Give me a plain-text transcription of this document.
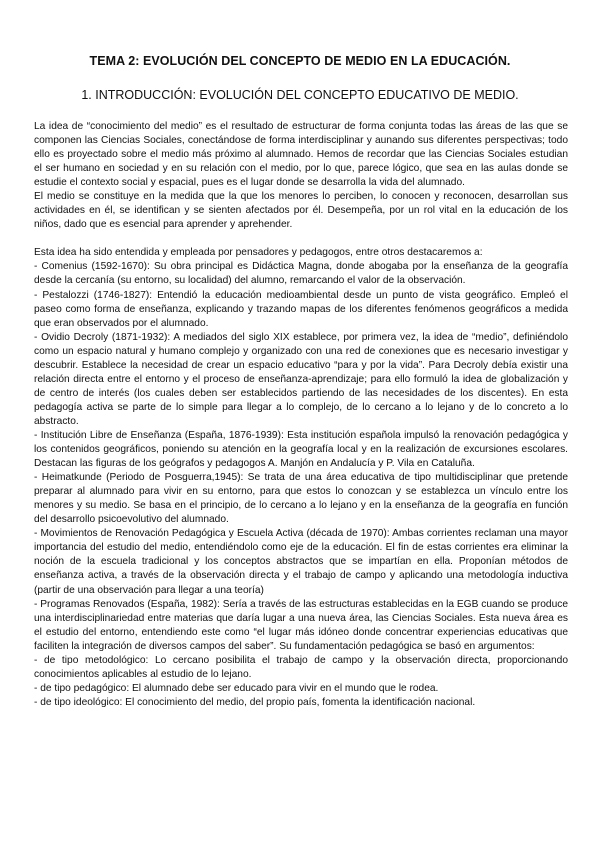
TEMA 2: EVOLUCIÓN DEL CONCEPTO DE MEDIO EN LA EDUCACIÓN.
1. INTRODUCCIÓN: EVOLUCIÓN DEL CONCEPTO EDUCATIVO DE MEDIO.

La idea de “conocimiento del medio” es el resultado de estructurar de forma conjunta todas las áreas de las que se componen las Ciencias Sociales, conectándose de forma interdisciplinar y aunando sus diferentes perspectivas; todo ello es proyectado sobre el medio más próximo al alumnado. Hemos de recordar que las Ciencias Sociales estudian el ser humano en sociedad y en su relación con el medio, por lo que, parece lógico, que sea en las aulas donde se estudie el contexto social y espacial, pues es el lugar donde se desarrolla la vida del alumnado.

El medio se constituye en la medida que la que los menores lo perciben, lo conocen y reconocen, desarrollan sus actividades en él, se identifican y se sienten afectados por él. Desempeña, por un rol vital en la educación de los niños, dado que es esencial para aprender y aprehender.

Esta idea ha sido entendida y empleada por pensadores y pedagogos, entre otros destacaremos a:

- Comenius (1592-1670): Su obra principal es Didáctica Magna, donde abogaba por la enseñanza de la geografía desde la cercanía (su entorno, su localidad) del alumno, remarcando el valor de la observación.

- Pestalozzi (1746-1827): Entendió la educación medioambiental desde un punto de vista geográfico. Empleó el paseo como forma de enseñanza, explicando y trazando mapas de los diferentes fenómenos geográficos a medida que eran observados por el alumnado.

- Ovidio Decroly (1871-1932): A mediados del siglo XIX establece, por primera vez, la idea de “medio”, definiéndolo como un espacio natural y humano complejo y organizado con una red de conexiones que es necesario investigar y descubrir. Establece la necesidad de crear un espacio educativo “para y por la vida”. Para Decroly debía existir una relación directa entre el entorno y el proceso de enseñanza-aprendizaje; para ello formuló la idea de globalización y de centro de interés (los cuales deben ser establecidos partiendo de las necesidades de los discentes). En esta pedagogía activa se parte de lo simple para llegar a lo complejo, de lo cercano a lo lejano y de lo concreto a lo abstracto.

- Institución Libre de Enseñanza (España, 1876-1939): Esta institución española impulsó la renovación pedagógica y los contenidos geográficos, poniendo su atención en la geografía local y en la realización de excursiones escolares. Destacan las figuras de los geógrafos y pedagogos A. Manjón en Andalucía y P. Vila en Cataluña.

- Heimatkunde (Periodo de Posguerra,1945): Se trata de una área educativa de tipo multidisciplinar que pretende preparar al alumnado para vivir en su entorno, para que estos lo conozcan y se establezca un vínculo entre los menores y su medio. Se basa en el principio, de lo cercano a lo lejano y en la enseñanza de la geografía en función del desarrollo psicoevolutivo del alumnado.

- Movimientos de Renovación Pedagógica y Escuela Activa (década de 1970): Ambas corrientes reclaman una mayor importancia del estudio del medio, entendiéndolo como eje de la educación. El fin de estas corrientes era eliminar la noción de la escuela tradicional y los conceptos abstractos que se impartían en ella. Proponían métodos de enseñanza activa, a través de la observación directa y el trabajo de campo y aplicando una metodología inductiva (partir de una observación para llegar a una teoría)

- Programas Renovados (España, 1982): Sería a través de las estructuras establecidas en la EGB cuando se produce una interdisciplinariedad entre materias que daría lugar a una nueva área, las Ciencias Sociales. Esta nueva área es el estudio del entorno, entendiendo este como “el lugar más idóneo donde concentrar experiencias educativas que faciliten la integración de diversos campos del saber”. Su fundamentación pedagógica se basó en argumentos:

- de tipo metodológico: Lo cercano posibilita el trabajo de campo y la observación directa, proporcionando conocimientos aplicables al estudio de lo lejano.

- de tipo pedagógico: El alumnado debe ser educado para vivir en el mundo que le rodea.

- de tipo ideológico: El conocimiento del medio, del propio país, fomenta la identificación nacional.
